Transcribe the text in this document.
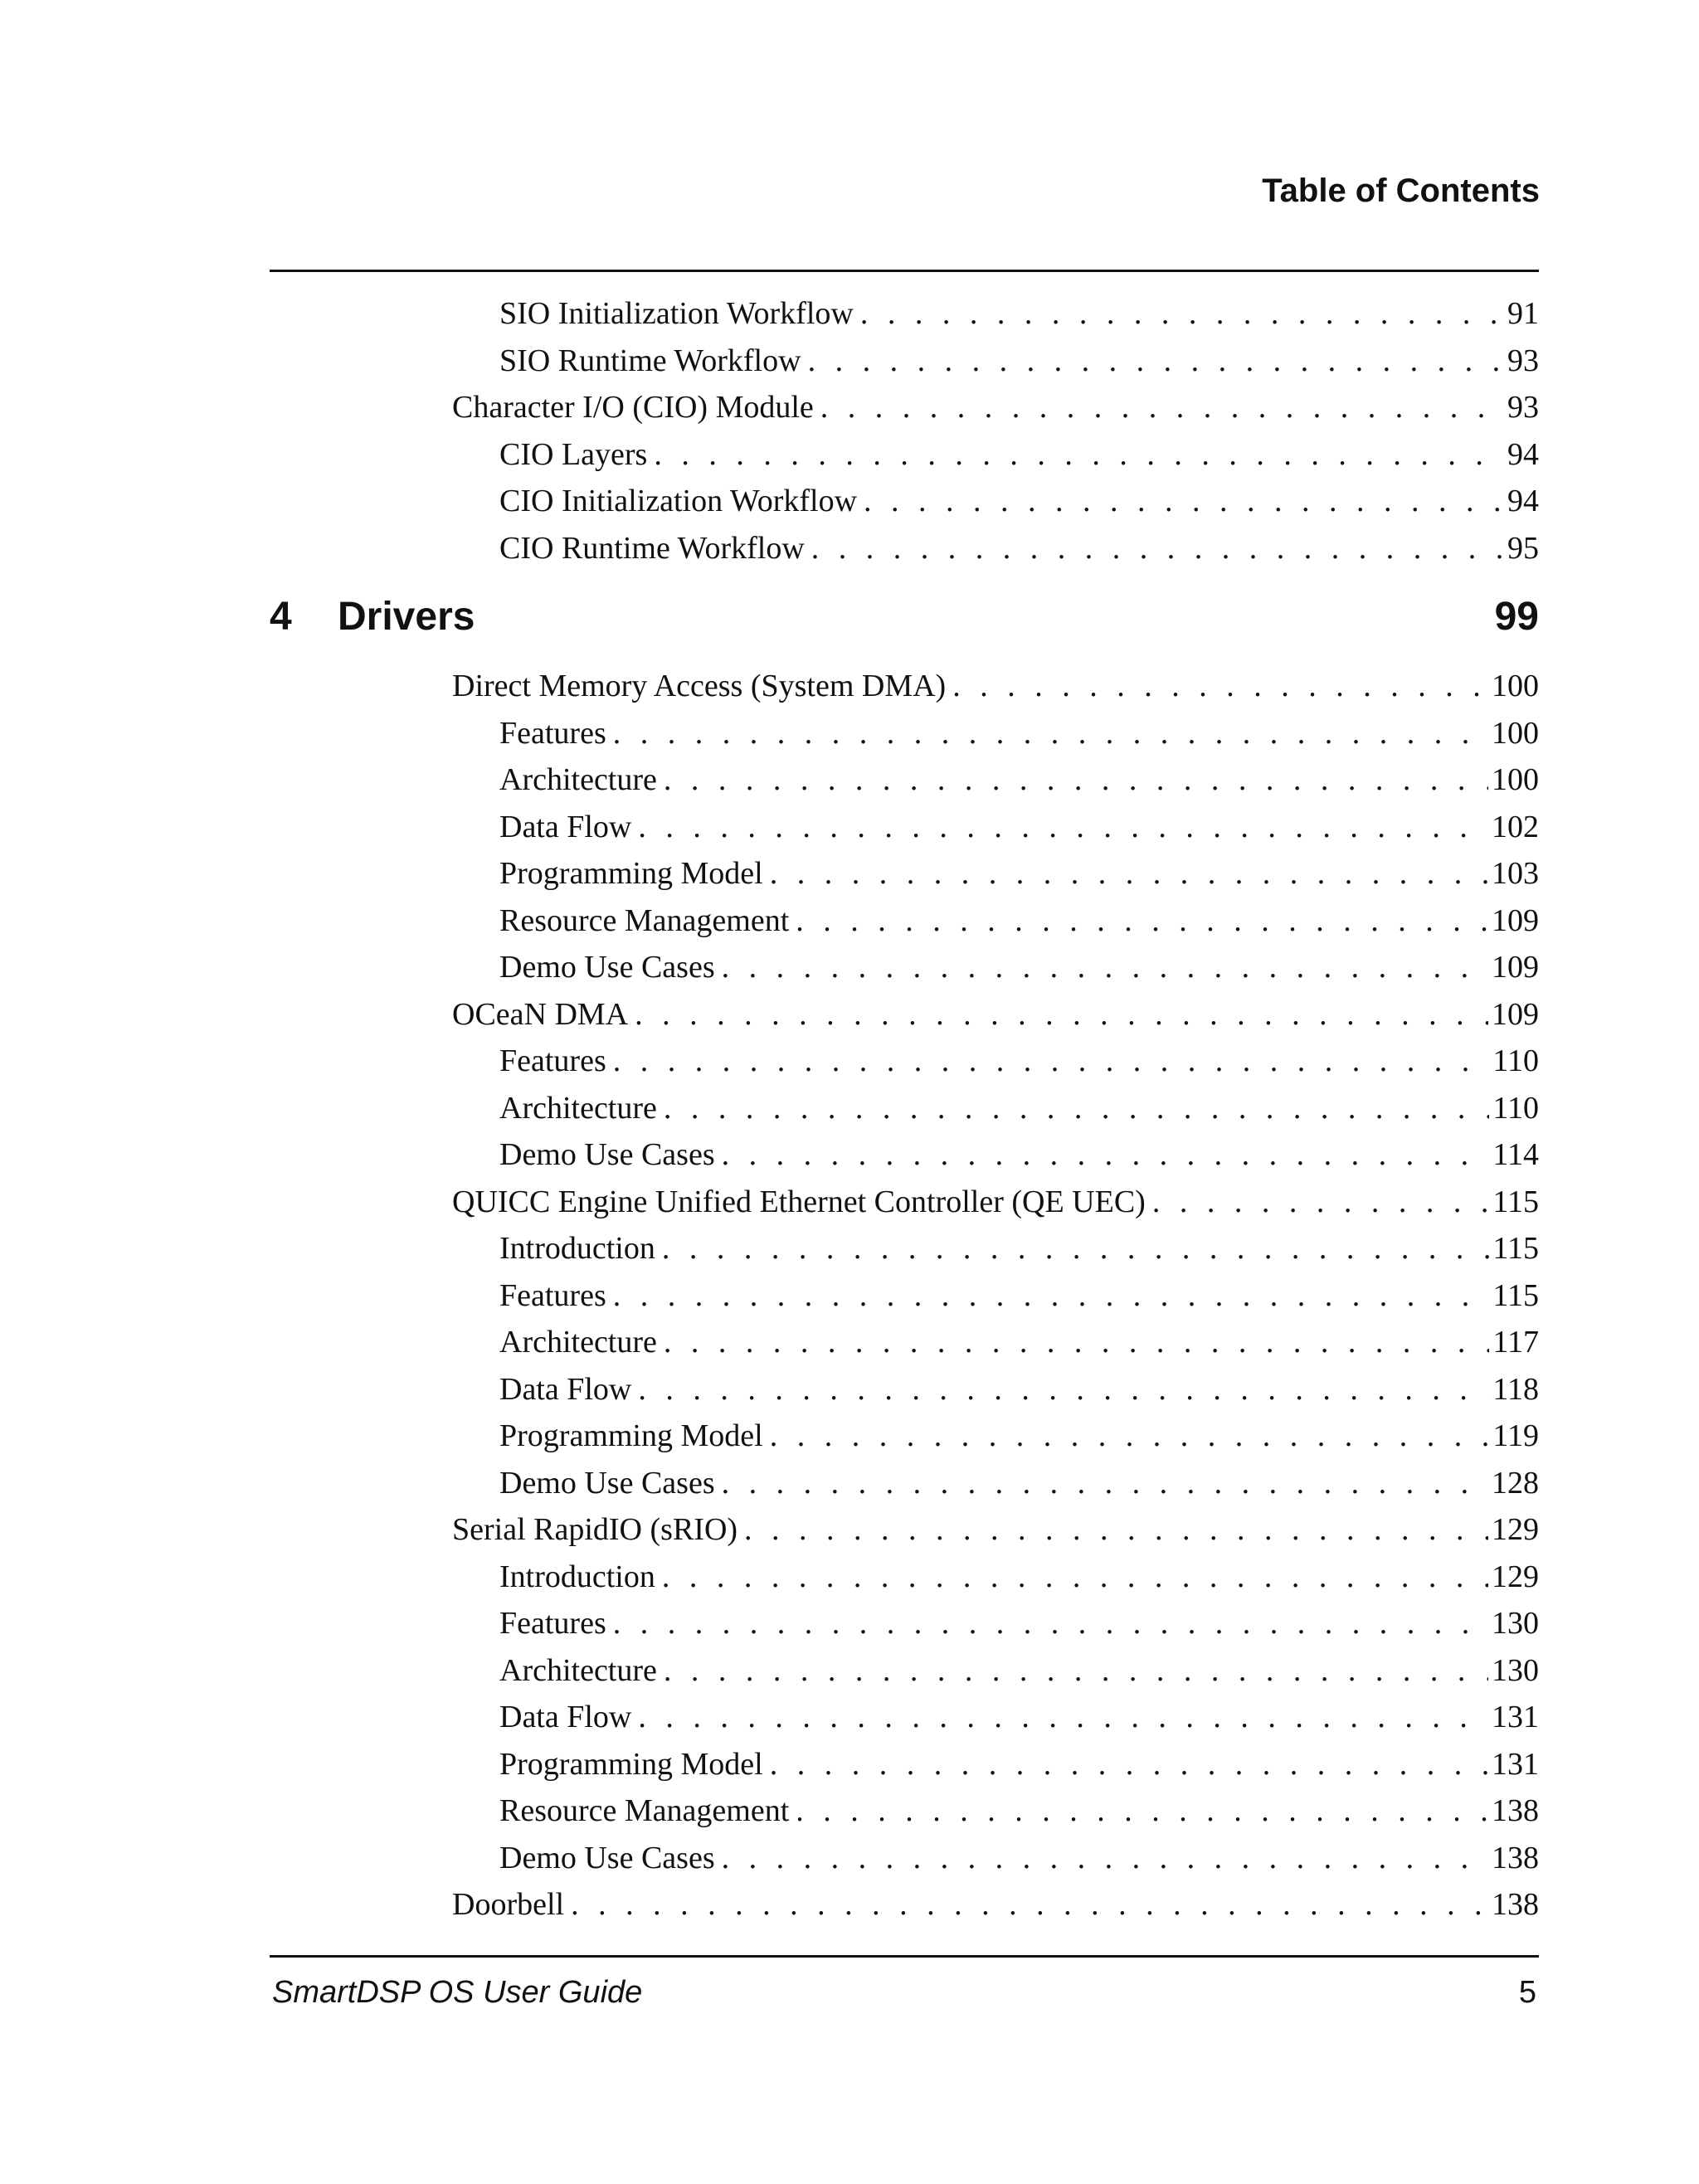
Table of Contents
SIO Initialization Workflow . . .	91
SIO Runtime Workflow . . .	93
Character I/O (CIO) Module . . .	93
CIO Layers . . .	94
CIO Initialization Workflow . . .	94
CIO Runtime Workflow . . .	95
4	Drivers	99
Direct Memory Access (System DMA) . . .	100
Features . . .	100
Architecture . . .	100
Data Flow . . .	102
Programming Model . . .	103
Resource Management . . .	109
Demo Use Cases . . .	109
OCeaN DMA . . .	109
Features . . .	110
Architecture . . .	110
Demo Use Cases . . .	114
QUICC Engine Unified Ethernet Controller (QE UEC) . . .	115
Introduction . . .	115
Features . . .	115
Architecture . . .	117
Data Flow . . .	118
Programming Model . . .	119
Demo Use Cases . . .	128
Serial RapidIO (sRIO) . . .	129
Introduction . . .	129
Features . . .	130
Architecture . . .	130
Data Flow . . .	131
Programming Model . . .	131
Resource Management . . .	138
Demo Use Cases . . .	138
Doorbell . . .	138

SmartDSP OS User Guide	5
